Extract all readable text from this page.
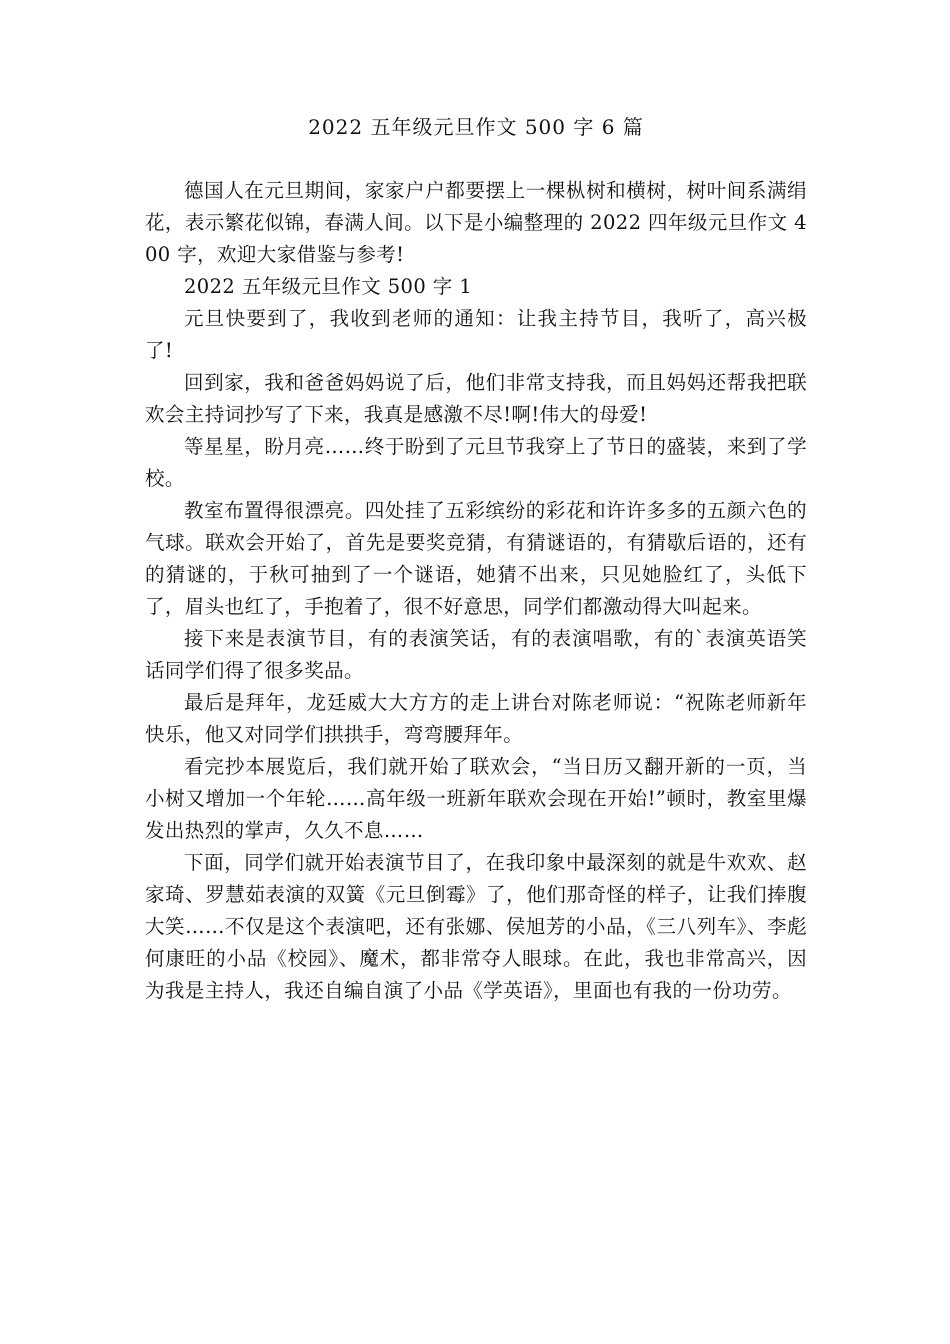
2022 五年级元旦作文 500 字 6 篇

德国人在元旦期间，家家户户都要摆上一棵枞树和横树，树叶间系满绢花，表示繁花似锦，春满人间。以下是小编整理的 2022 四年级元旦作文 400 字，欢迎大家借鉴与参考!

2022 五年级元旦作文 500 字 1

元旦快要到了，我收到老师的通知：让我主持节目，我听了，高兴极了!

回到家，我和爸爸妈妈说了后，他们非常支持我，而且妈妈还帮我把联欢会主持词抄写了下来，我真是感激不尽!啊!伟大的母爱!

等星星，盼月亮……终于盼到了元旦节我穿上了节日的盛装，来到了学校。

教室布置得很漂亮。四处挂了五彩缤纷的彩花和许许多多的五颜六色的气球。联欢会开始了，首先是要奖竞猜，有猜谜语的，有猜歇后语的，还有的猜谜的，于秋可抽到了一个谜语，她猜不出来，只见她脸红了，头低下了，眉头也红了，手抱着了，很不好意思，同学们都激动得大叫起来。

接下来是表演节目，有的表演笑话，有的表演唱歌，有的`表演英语笑话同学们得了很多奖品。

最后是拜年，龙廷威大大方方的走上讲台对陈老师说：“祝陈老师新年快乐，他又对同学们拱拱手，弯弯腰拜年。

看完抄本展览后，我们就开始了联欢会，“当日历又翻开新的一页，当小树又增加一个年轮……高年级一班新年联欢会现在开始!”顿时，教室里爆发出热烈的掌声，久久不息……

下面，同学们就开始表演节目了，在我印象中最深刻的就是牛欢欢、赵家琦、罗慧茹表演的双簧《元旦倒霉》了，他们那奇怪的样子，让我们捧腹大笑……不仅是这个表演吧，还有张娜、侯旭芳的小品，《三八列车》、李彪何康旺的小品《校园》、魔术，都非常夺人眼球。在此，我也非常高兴，因为我是主持人，我还自编自演了小品《学英语》，里面也有我的一份功劳。
